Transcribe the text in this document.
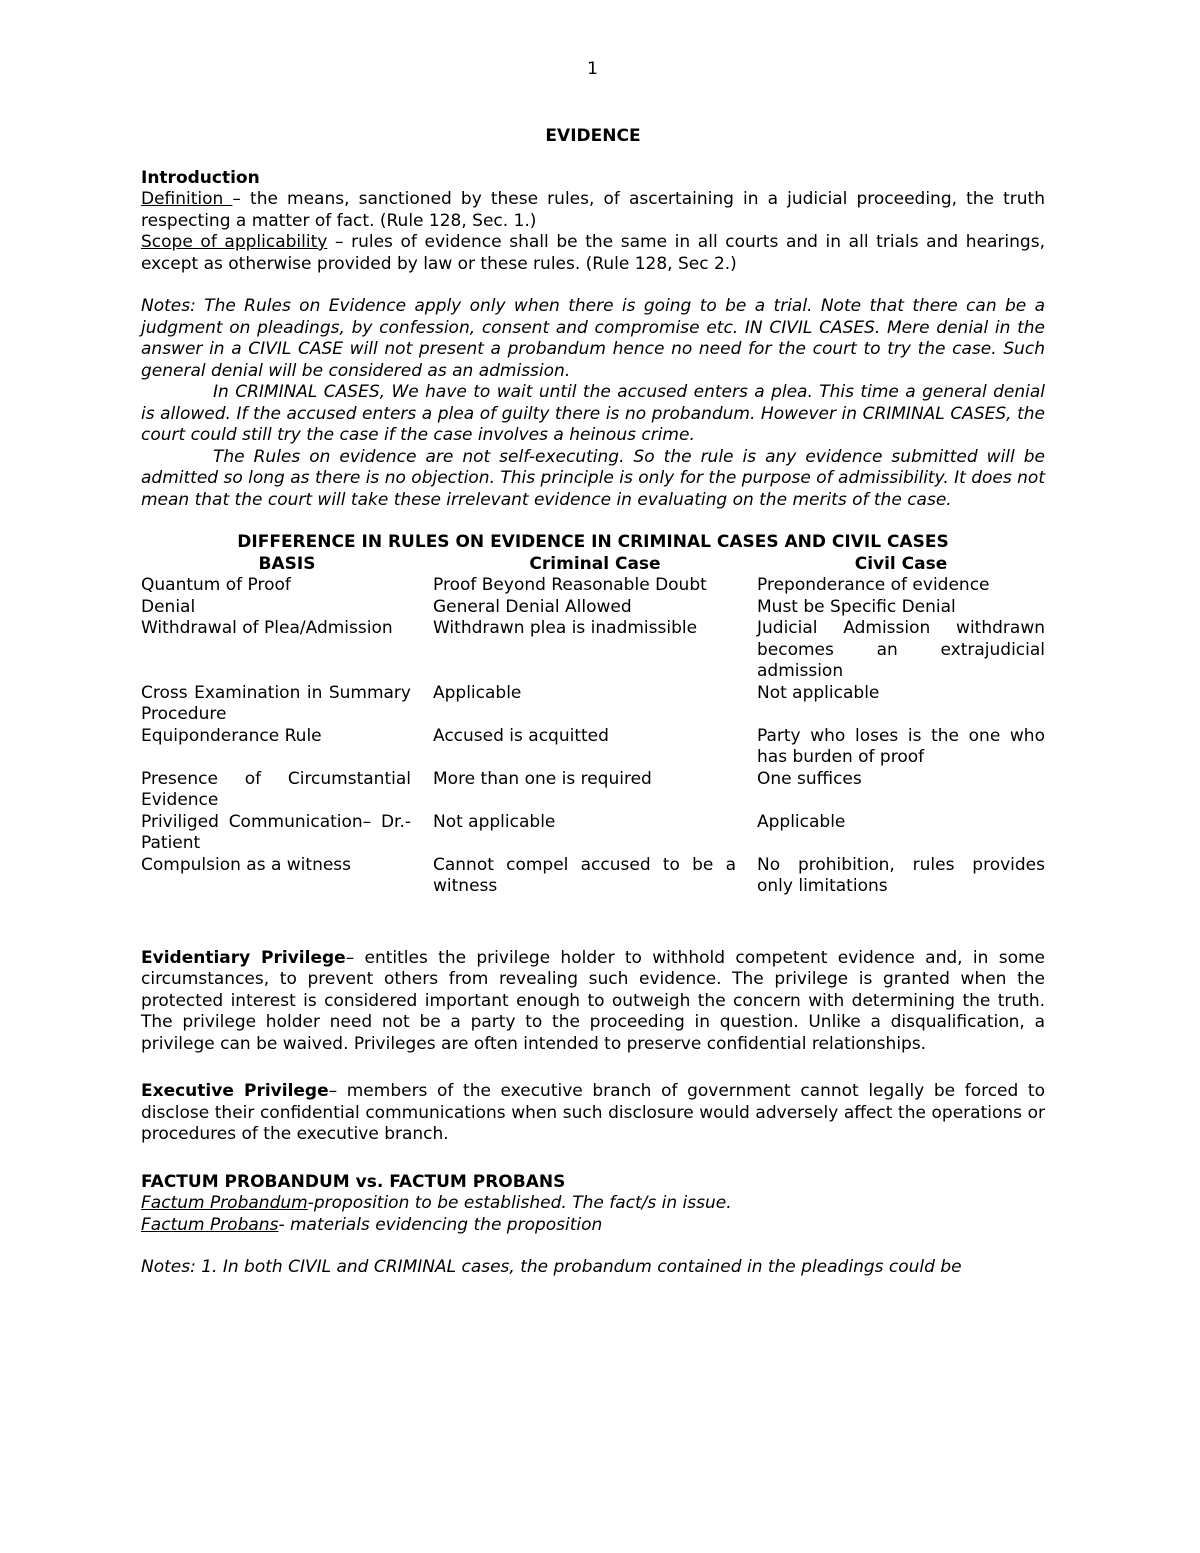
1
EVIDENCE
Introduction

Definition – the means, sanctioned by these rules, of ascertaining in a judicial proceeding, the truth respecting a matter of fact. (Rule 128, Sec. 1.)

Scope of applicability – rules of evidence shall be the same in all courts and in all trials and hearings, except as otherwise provided by law or these rules. (Rule 128, Sec 2.)

Notes: The Rules on Evidence apply only when there is going to be a trial. Note that there can be a judgment on pleadings, by confession, consent and compromise etc. IN CIVIL CASES. Mere denial in the answer in a CIVIL CASE will not present a probandum hence no need for the court to try the case. Such general denial will be considered as an admission.

In CRIMINAL CASES, We have to wait until the accused enters a plea. This time a general denial is allowed. If the accused enters a plea of guilty there is no probandum. However in CRIMINAL CASES, the court could still try the case if the case involves a heinous crime.

The Rules on evidence are not self-executing. So the rule is any evidence submitted will be admitted so long as there is no objection. This principle is only for the purpose of admissibility. It does not mean that the court will take these irrelevant evidence in evaluating on the merits of the case.

DIFFERENCE IN RULES ON EVIDENCE IN CRIMINAL CASES AND CIVIL CASES
BASIS	Criminal Case	Civil Case
Quantum of Proof	Proof Beyond Reasonable Doubt	Preponderance of evidence
Denial	General Denial Allowed	Must be Specific Denial
Withdrawal of Plea/Admission	Withdrawn plea is inadmissible	Judicial Admission withdrawn becomes an extrajudicial admission
Cross Examination in Summary Procedure	Applicable	Not applicable
Equiponderance Rule	Accused is acquitted	Party who loses is the one who has burden of proof
Presence of Circumstantial Evidence	More than one is required	One suffices
Priviliged Communication– Dr.-Patient	Not applicable	Applicable
Compulsion as a witness	Cannot compel accused to be a witness	No prohibition, rules provides only limitations

Evidentiary Privilege– entitles the privilege holder to withhold competent evidence and, in some circumstances, to prevent others from revealing such evidence. The privilege is granted when the protected interest is considered important enough to outweigh the concern with determining the truth. The privilege holder need not be a party to the proceeding in question. Unlike a disqualification, a privilege can be waived. Privileges are often intended to preserve confidential relationships.

Executive Privilege– members of the executive branch of government cannot legally be forced to disclose their confidential communications when such disclosure would adversely affect the operations or procedures of the executive branch.

FACTUM PROBANDUM vs. FACTUM PROBANS

Factum Probandum-proposition to be established. The fact/s in issue.

Factum Probans- materials evidencing the proposition

Notes: 1. In both CIVIL and CRIMINAL cases, the probandum contained in the pleadings could be
